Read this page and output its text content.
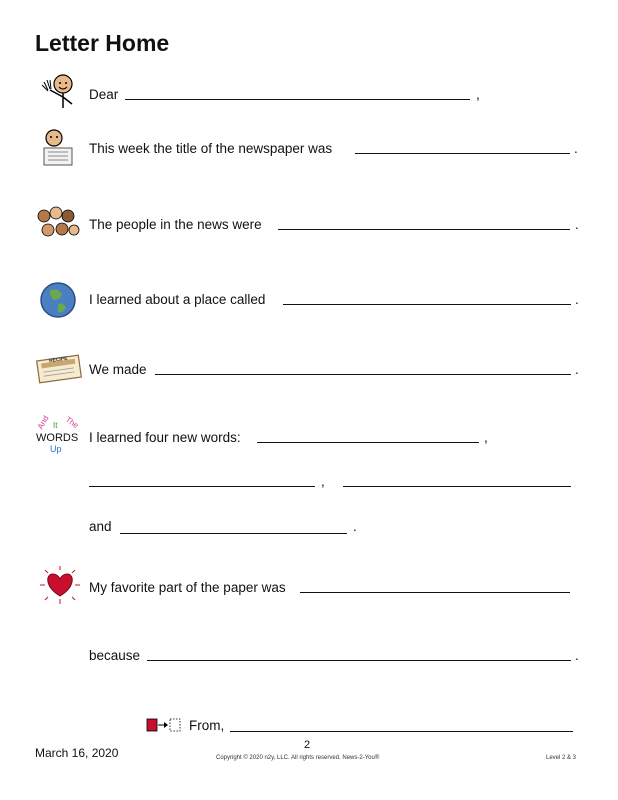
Letter Home
Dear	,
This week the title of the newspaper was	.
The people in the news were	.
I learned about a place called	.
RECIPE
We made	.
And It The
WORDS
Up
I learned four new words:	,
,
and	.
My favorite part of the paper was
because	.
From,
March 16, 2020
2
Copyright © 2020 n2y, LLC. All rights reserved. News-2-You®	Level 2 & 3
